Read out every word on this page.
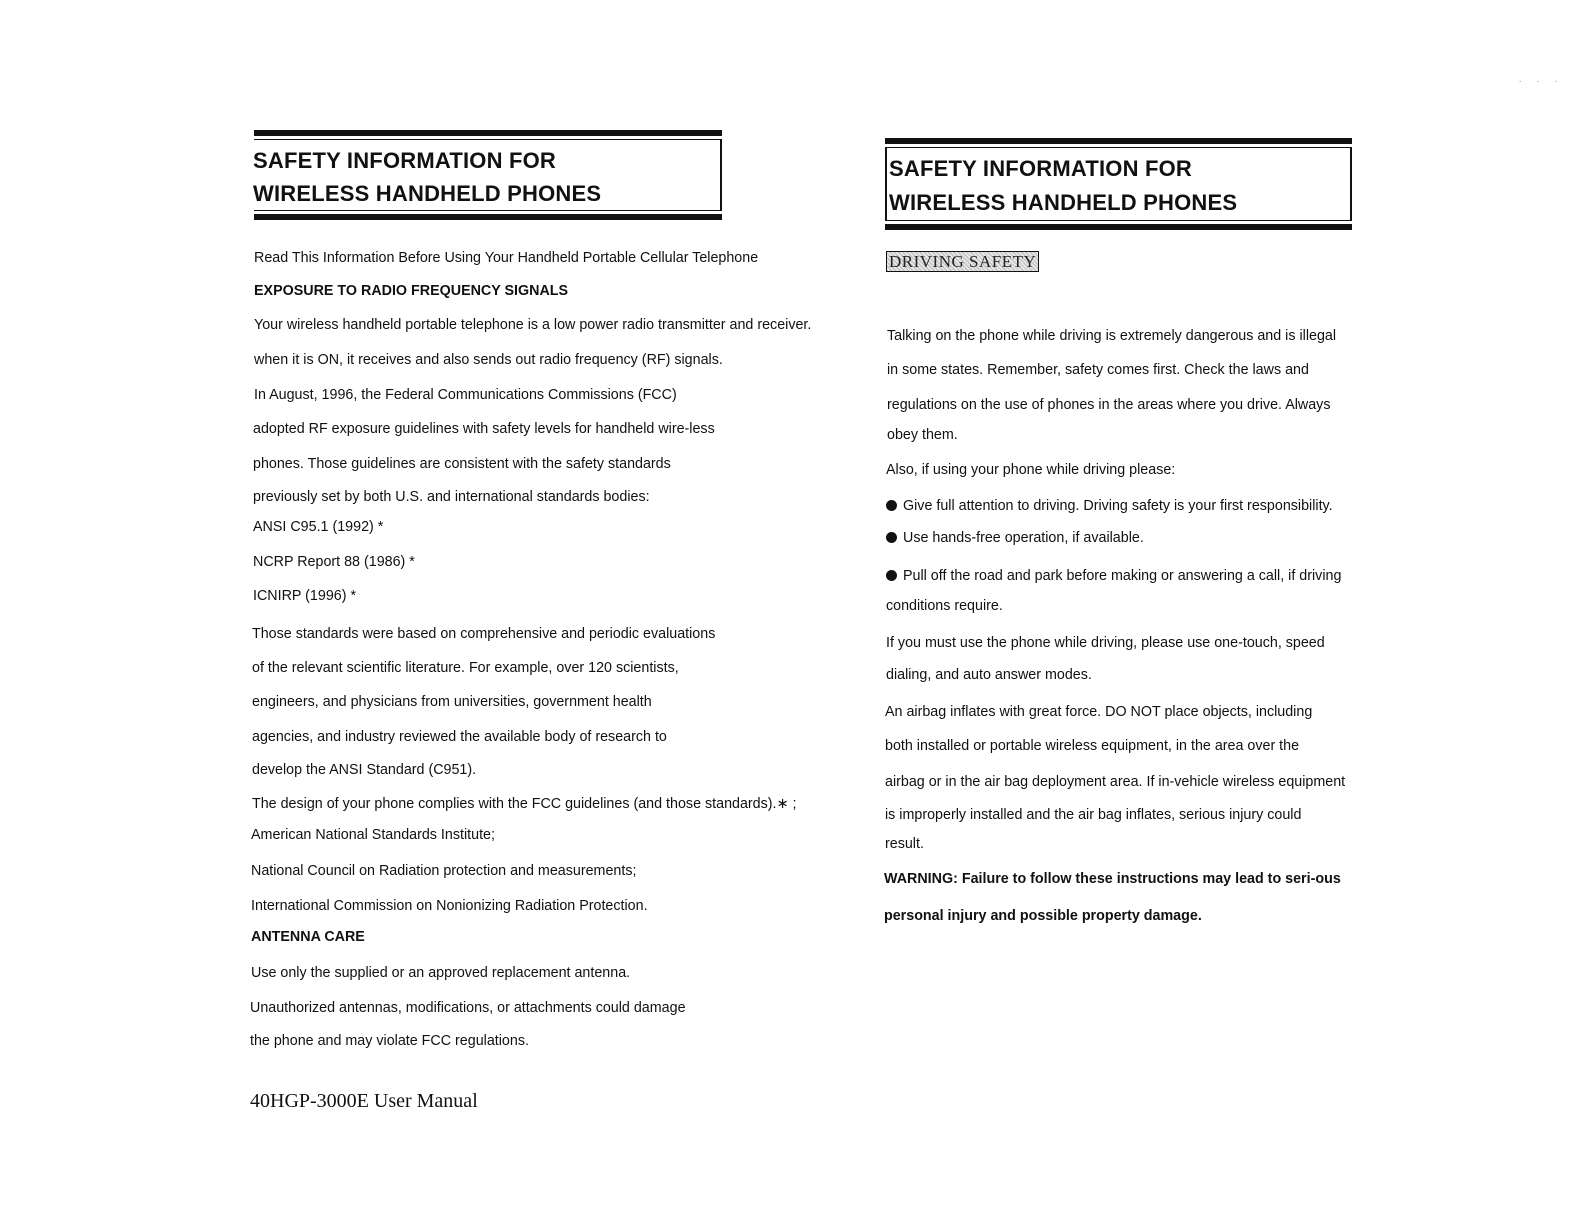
SAFETY INFORMATION FOR
WIRELESS HANDHELD PHONES
Read This Information Before Using Your Handheld Portable Cellular Telephone
EXPOSURE TO RADIO FREQUENCY SIGNALS
Your wireless handheld portable telephone is a low power radio transmitter and receiver.
when it is ON, it receives and also sends out radio frequency (RF) signals.
In August, 1996, the Federal Communications Commissions (FCC)
adopted RF exposure guidelines with safety levels for handheld wire-less
phones. Those guidelines are consistent with the safety standards
previously set by both U.S. and international standards bodies:
ANSI C95.1 (1992) *
NCRP Report 88 (1986) *
ICNIRP (1996) *
Those standards were based on comprehensive and periodic evaluations
of the relevant scientific literature. For example, over 120 scientists,
engineers, and physicians from universities, government health
agencies, and industry reviewed the available body of research to
develop the ANSI Standard (C951).
The design of your phone complies with the FCC guidelines (and those standards).∗ ;
American National Standards Institute;
National Council on Radiation protection and measurements;
International Commission on Nonionizing Radiation Protection.
ANTENNA CARE
Use only the supplied or an approved replacement antenna.
Unauthorized antennas, modifications, or attachments could damage
the phone and may violate FCC regulations.
40HGP-3000E User Manual
SAFETY INFORMATION FOR
WIRELESS HANDHELD PHONES
DRIVING SAFETY
Talking on the phone while driving is extremely dangerous and is illegal
in some states. Remember, safety comes first. Check the laws and
regulations on the use of phones in the areas where you drive. Always
obey them.
Also, if using your phone while driving please:
Give full attention to driving. Driving safety is your first responsibility.
Use hands-free operation, if available.
Pull off the road and park before making or answering a call, if driving
conditions require.
If you must use the phone while driving, please use one-touch, speed
dialing, and auto answer modes.
An airbag inflates with great force. DO NOT place objects, including
both installed or portable wireless equipment, in the area over the
airbag or in the air bag deployment area. If in-vehicle wireless equipment
is improperly installed and the air bag inflates, serious injury could
result.
WARNING: Failure to follow these instructions may lead to seri-ous
personal injury and possible property damage.
· · ·
